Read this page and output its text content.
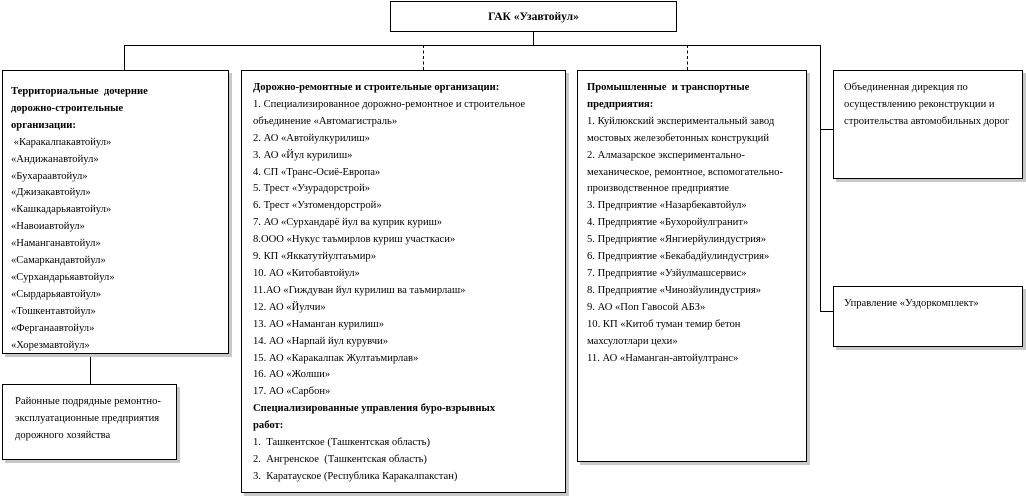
ГАК «Узавтойул»
Территориальные  дочерние
дорожно-строительные
организации:
«Каракалпакавтойул»
«Андижанавтойул»
«Бухараавтойул»
«Джизакавтойул»
«Кашкадарьяавтойул»
«Навоиавтойул»
«Наманганавтойул»
«Самаркандавтойул»
«Сурхандарьяавтойул»
«Сырдарьяавтойул»
«Тошкентавтойул»
«Ферганаавтойул»
«Хорезмавтойул»
Дорожно-ремонтные и строительные организации:
1. Специализированное дорожно-ремонтное и строительное объединение «Автомагистраль»
2. АО «Автойулкурилиш»
3. АО «Йул курилиш»
4. СП «Транс-Осиё-Европа»
5. Трест «Узурадорстрой»
6. Трест «Узтомендорстрой»
7. АО «Сурхандарё йул ва куприк куриш»
8.ООО «Нукус таъмирлов куриш участкаси»
9. КП «Яккатутйултаъмир»
10. АО «Китобавтойул»
11.АО «Гиждуван йул курилиш ва таъмирлаш»
12. АО «Йулчи»
13. АО «Наманган курилиш»
14. АО «Нарпай йул курувчи»
15. АО «Каракалпак Жултаъмирлав»
16. АО «Жолши»
17. АО «Сарбон»
Специализированные управления буро-взрывных
работ:
1.  Ташкентское (Ташкентская область)
2.  Ангренское  (Ташкентская область)
3.  Каратауское (Республика Каракалпакстан)
Промышленные  и транспортные
предприятия:
1. Куйлюкский экспериментальный завод мостовых железобетонных конструкций
2. Алмазарское экспериментально-механическое, ремонтное, вспомогательно-производственное предприятие
3. Предприятие «Назарбекавтойул»
4. Предприятие «Бухоройулгранит»
5. Предприятие «Янгиерйулиндустрия»
6. Предприятие «Бекабадйулиндустрия»
7. Предприятие «Узйулмашсервис»
8. Предприятие «Чинозйулиндустрия»
9. АО «Поп Гавосой АБЗ»
10. КП «Китоб туман темир бетон махсулотлари цехи»
11. АО «Наманган-автойултранс»
Объединенная дирекция по осуществлению реконструкции и строительства автомобильных дорог
Управление «Уздоркомплект»
Районные подрядные ремонтно-эксплуатационные предприятия дорожного хозяйства
